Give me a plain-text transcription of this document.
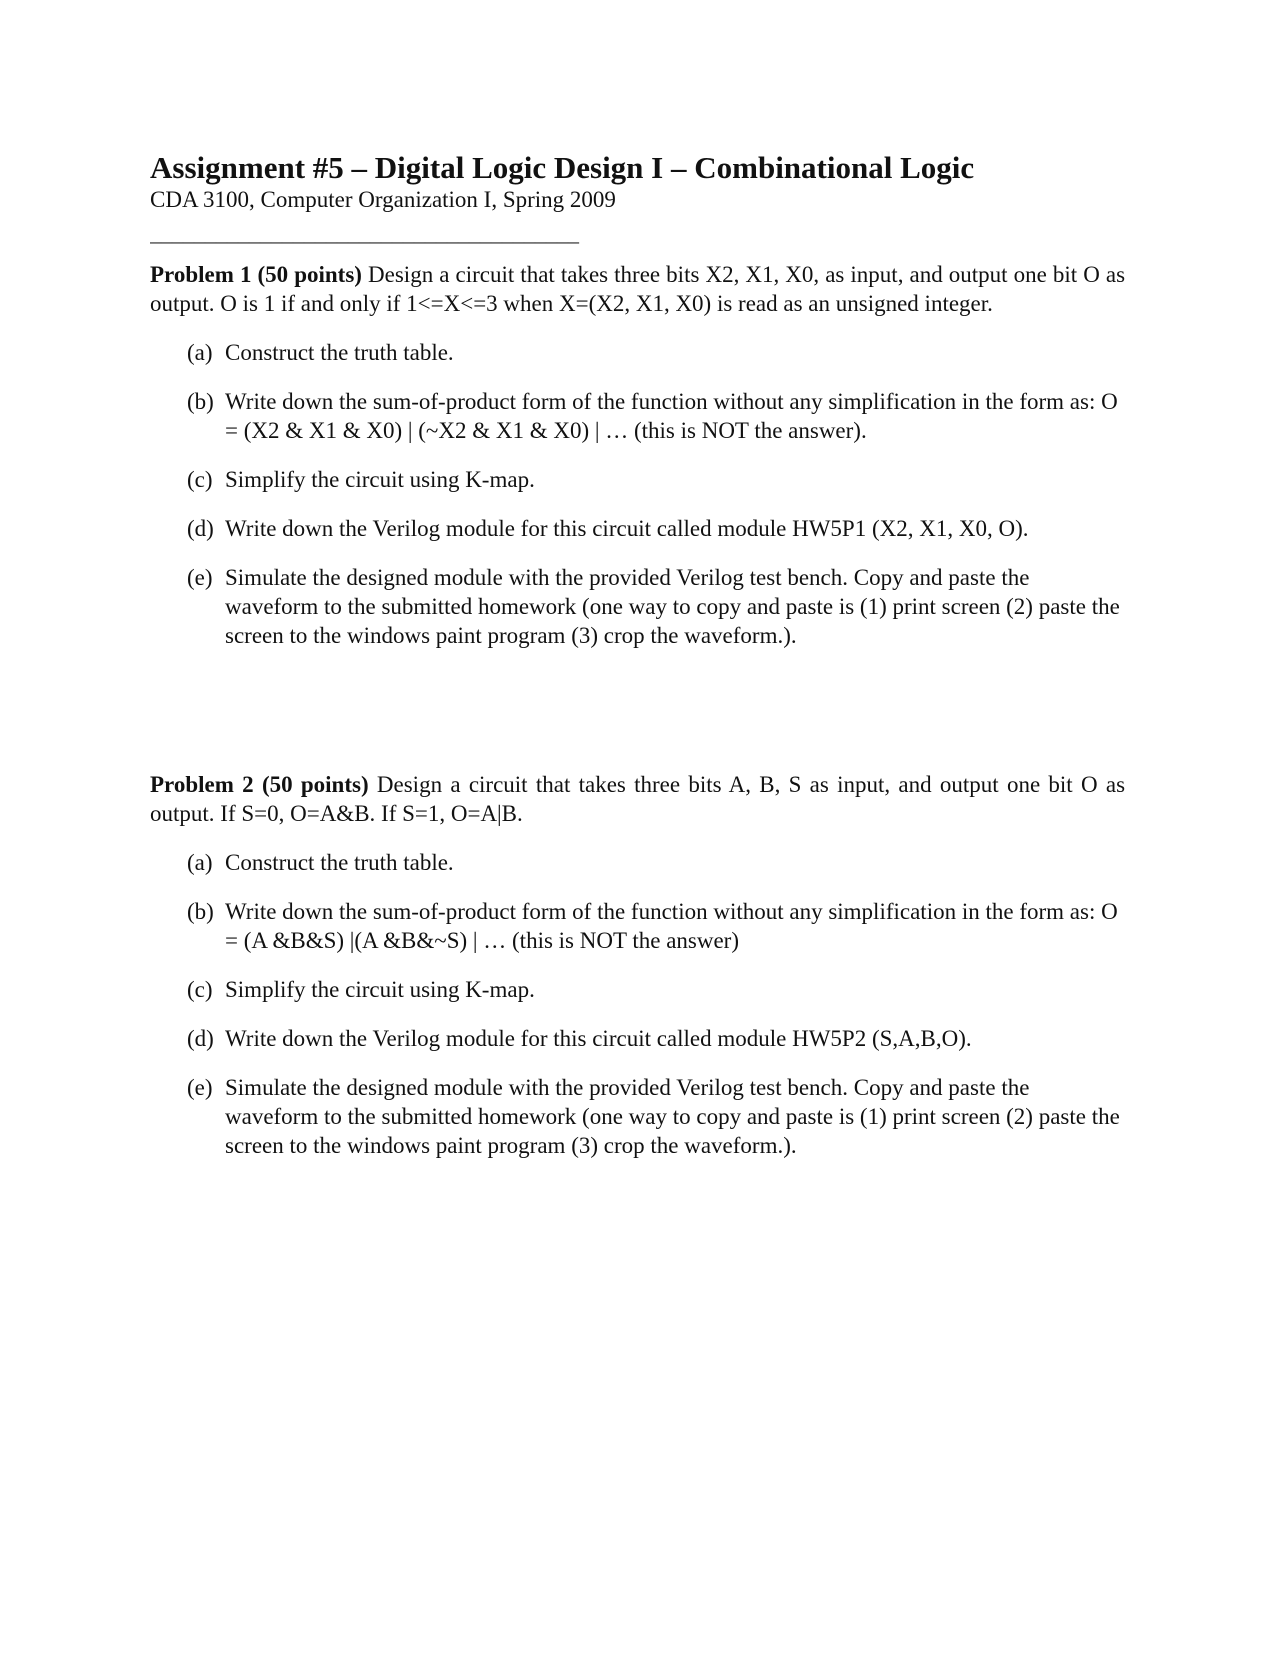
Assignment #5 – Digital Logic Design I – Combinational Logic

CDA 3100, Computer Organization I, Spring 2009

–––––––––––––––––––––––––––––––––––––––

Problem 1 (50 points) Design a circuit that takes three bits X2, X1, X0, as input, and output one bit O as output. O is 1 if and only if 1<=X<=3 when X=(X2, X1, X0) is read as an unsigned integer.

(a) Construct the truth table.
(b) Write down the sum-of-product form of the function without any simplification in the form as: O = (X2 & X1 & X0) | (~X2 & X1 & X0) | … (this is NOT the answer).
(c) Simplify the circuit using K-map.
(d) Write down the Verilog module for this circuit called module HW5P1 (X2, X1, X0, O).
(e) Simulate the designed module with the provided Verilog test bench. Copy and paste the waveform to the submitted homework (one way to copy and paste is (1) print screen (2) paste the screen to the windows paint program (3) crop the waveform.).

Problem 2 (50 points) Design a circuit that takes three bits A, B, S as input, and output one bit O as output. If S=0, O=A&B. If S=1, O=A|B.

(a) Construct the truth table.
(b) Write down the sum-of-product form of the function without any simplification in the form as: O = (A &B&S) |(A &B&~S) | … (this is NOT the answer)
(c) Simplify the circuit using K-map.
(d) Write down the Verilog module for this circuit called module HW5P2 (S,A,B,O).
(e) Simulate the designed module with the provided Verilog test bench. Copy and paste the waveform to the submitted homework (one way to copy and paste is (1) print screen (2) paste the screen to the windows paint program (3) crop the waveform.).
